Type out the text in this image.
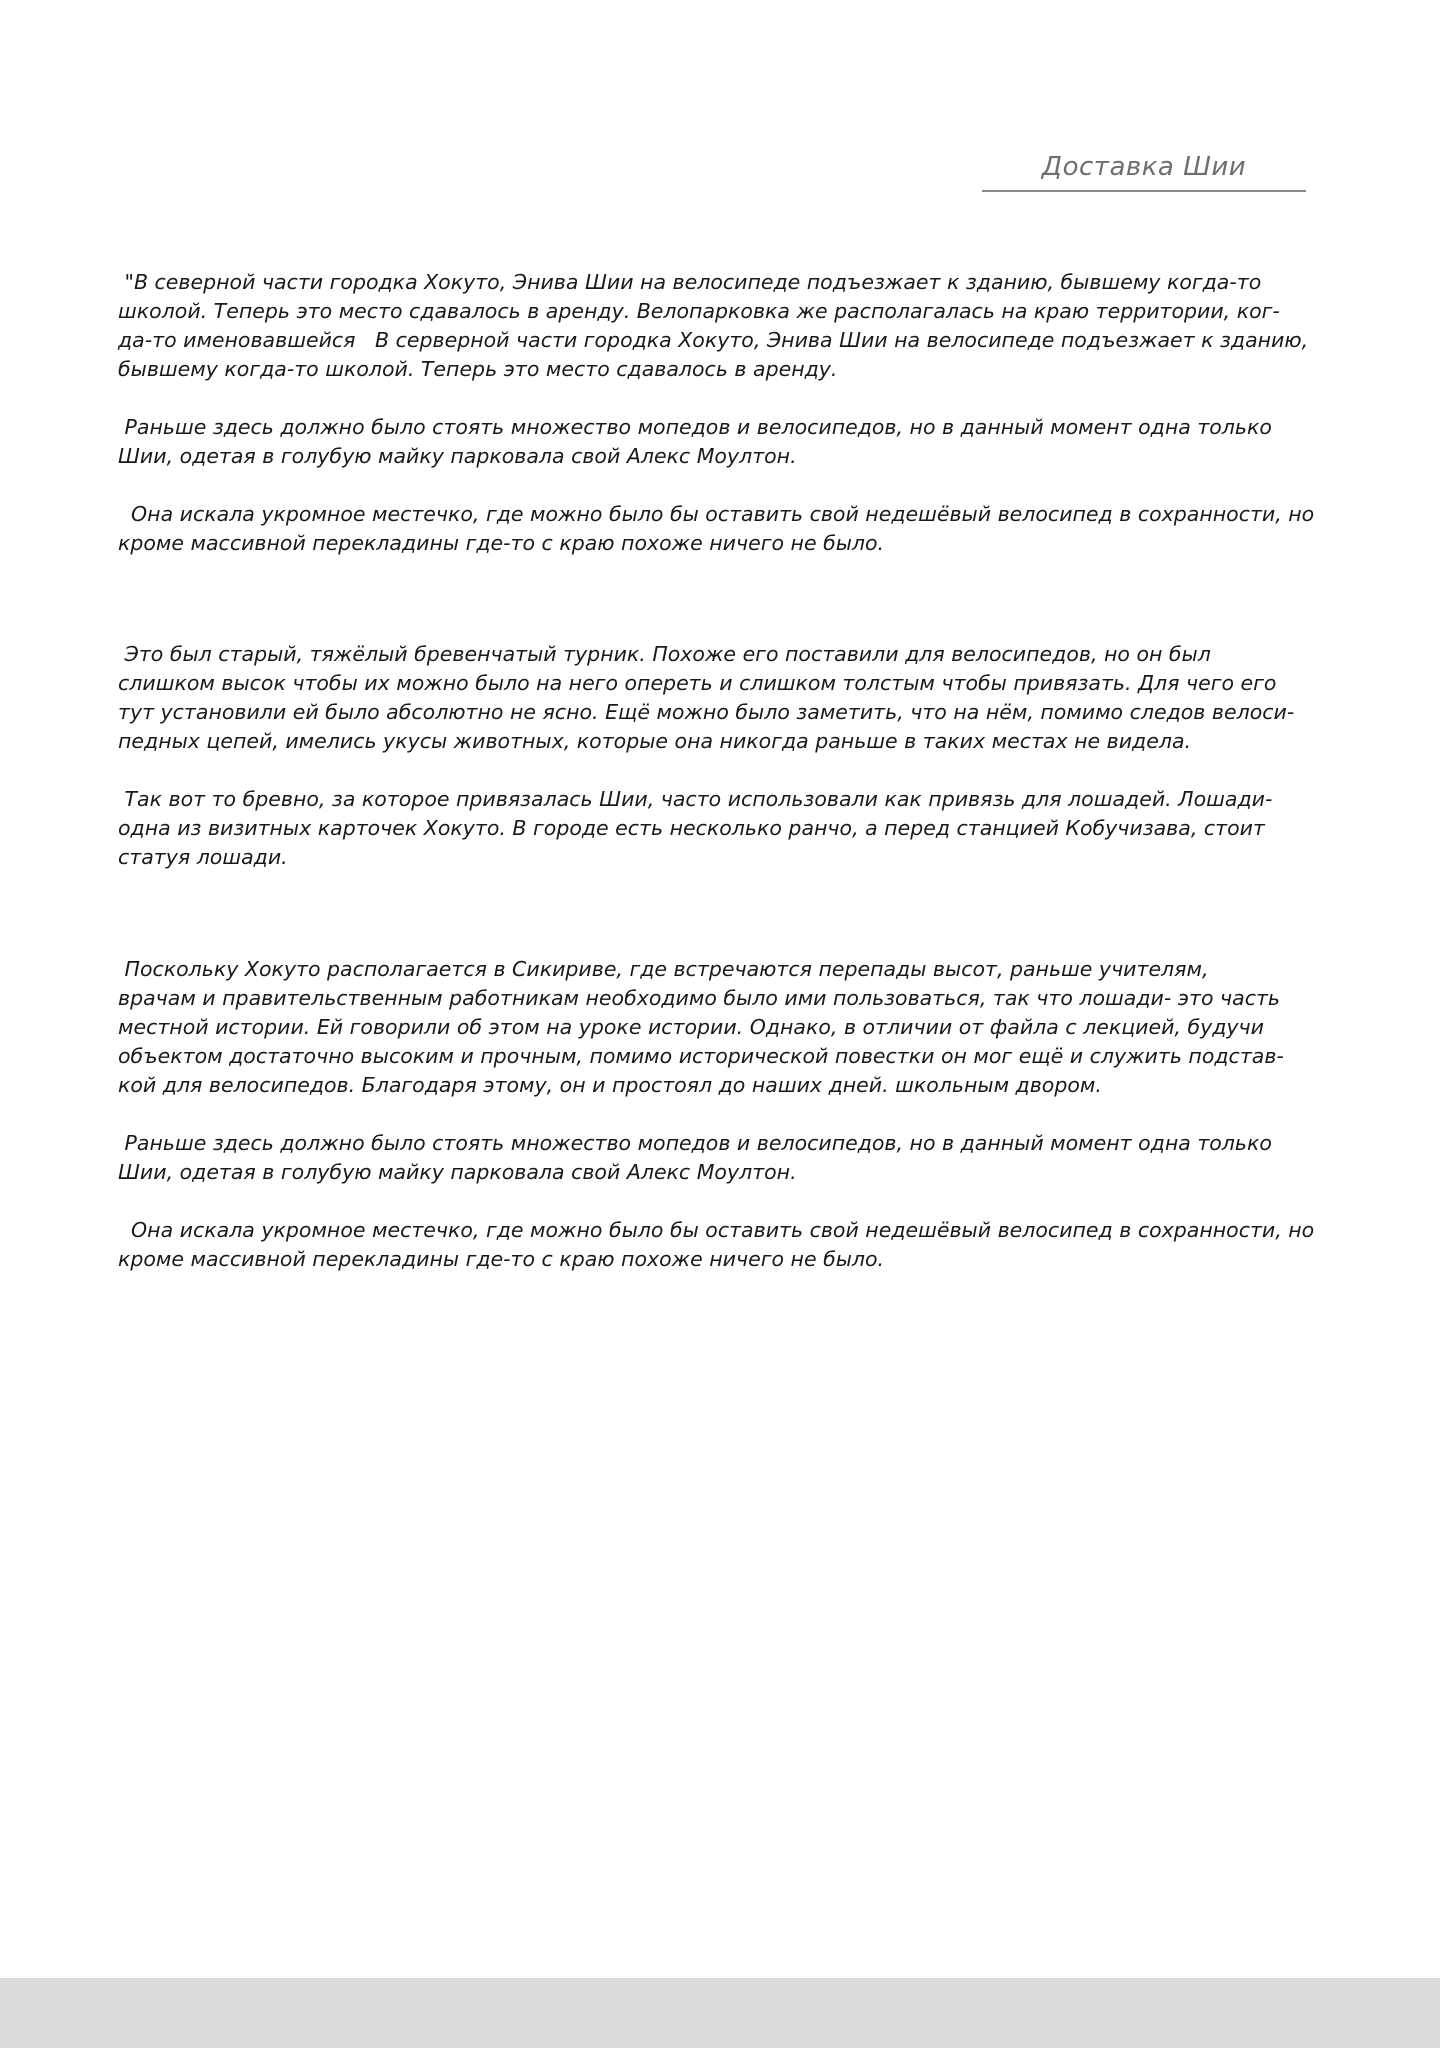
Доставка Шии

"В северной части городка Хокуто, Энива Шии на велосипеде подъезжает к зданию, бывшему когда-то
школой. Теперь это место сдавалось в аренду. Велопарковка же располагалась на краю территории, ког-
да-то именовавшейся   В серверной части городка Хокуто, Энива Шии на велосипеде подъезжает к зданию,
бывшему когда-то школой. Теперь это место сдавалось в аренду.

Раньше здесь должно было стоять множество мопедов и велосипедов, но в данный момент одна только
Шии, одетая в голубую майку парковала свой Алекс Моултон.

Она искала укромное местечко, где можно было бы оставить свой недешёвый велосипед в сохранности, но
кроме массивной перекладины где-то с краю похоже ничего не было.

Это был старый, тяжёлый бревенчатый турник. Похоже его поставили для велосипедов, но он был
слишком высок чтобы их можно было на него опереть и слишком толстым чтобы привязать. Для чего его
тут установили ей было абсолютно не ясно. Ещё можно было заметить, что на нём, помимо следов велоси-
педных цепей, имелись укусы животных, которые она никогда раньше в таких местах не видела.

Так вот то бревно, за которое привязалась Шии, часто использовали как привязь для лошадей. Лошади-
одна из визитных карточек Хокуто. В городе есть несколько ранчо, а перед станцией Кобучизава, стоит
статуя лошади.

Поскольку Хокуто располагается в Сикириве, где встречаются перепады высот, раньше учителям,
врачам и правительственным работникам необходимо было ими пользоваться, так что лошади- это часть
местной истории. Ей говорили об этом на уроке истории. Однако, в отличии от файла с лекцией, будучи
объектом достаточно высоким и прочным, помимо исторической повестки он мог ещё и служить подстав-
кой для велосипедов. Благодаря этому, он и простоял до наших дней. школьным двором.

Раньше здесь должно было стоять множество мопедов и велосипедов, но в данный момент одна только
Шии, одетая в голубую майку парковала свой Алекс Моултон.

Она искала укромное местечко, где можно было бы оставить свой недешёвый велосипед в сохранности, но
кроме массивной перекладины где-то с краю похоже ничего не было.
